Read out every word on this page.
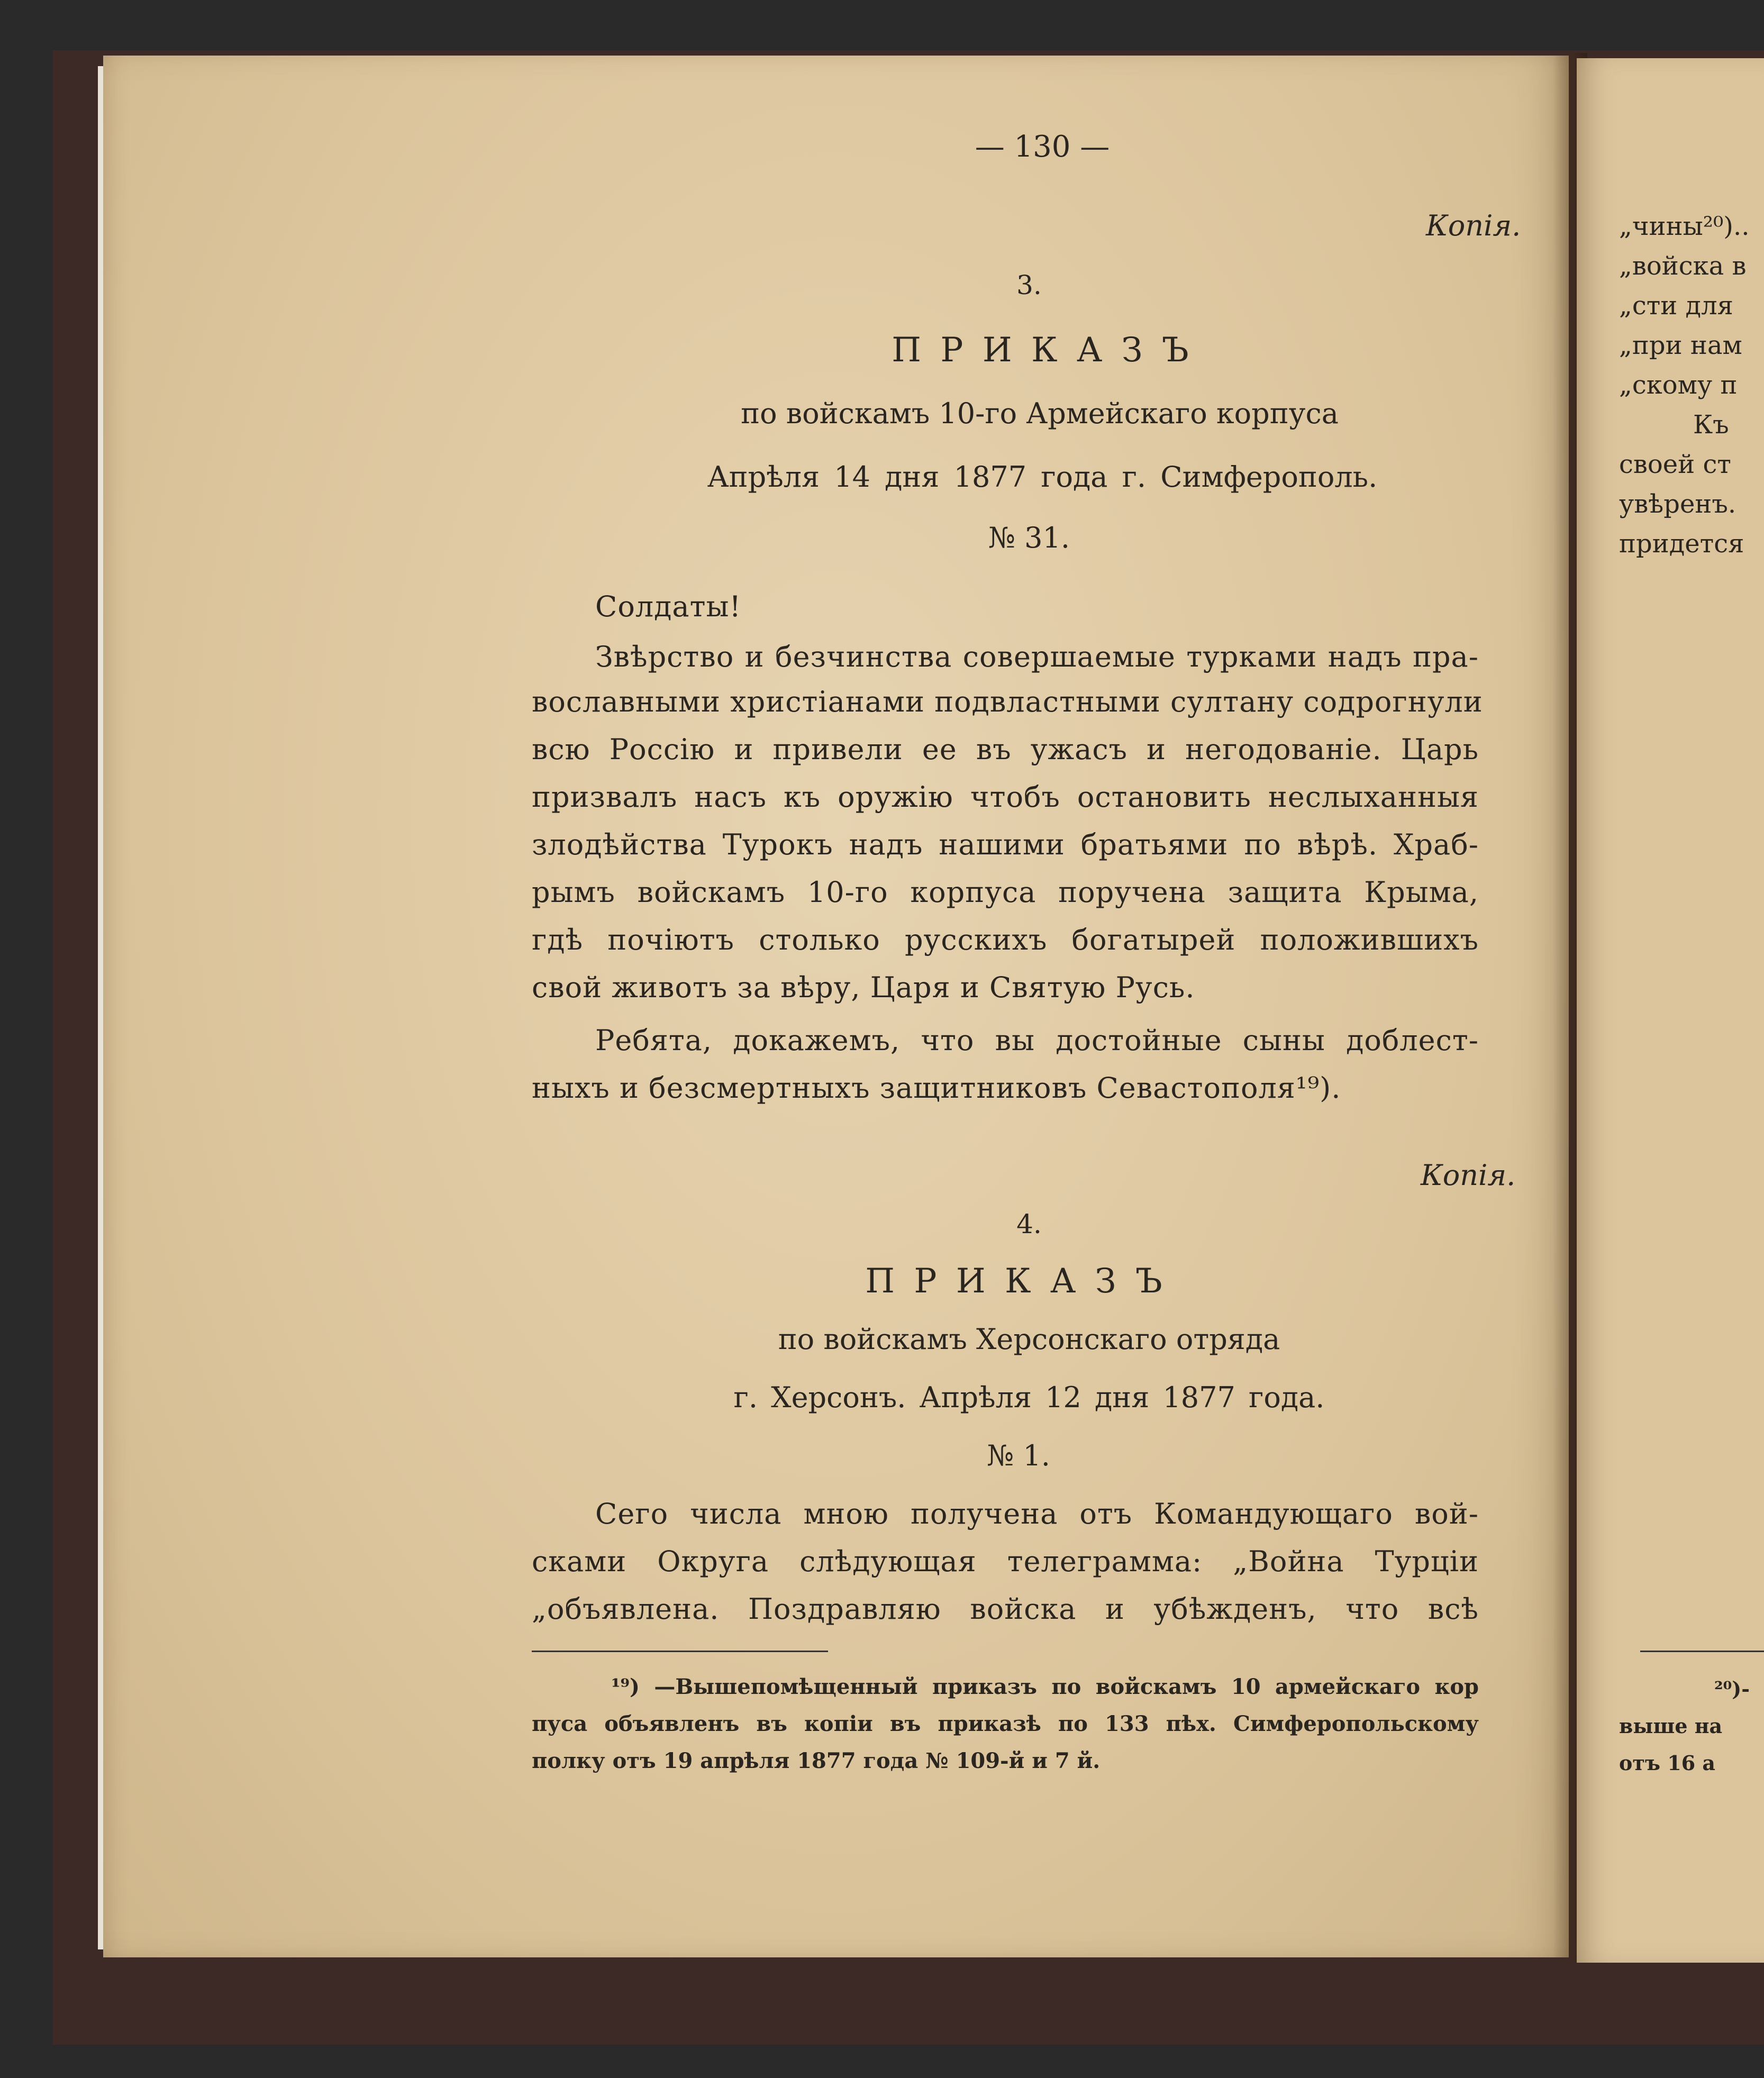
— 130 —
Копія.
3.
П Р И К А З Ъ
по войскамъ 10-го Армейскаго корпуса
Апрѣля 14 дня 1877 года г. Симферополь.
№ 31.
Солдаты!
Звѣрство и безчинства совершаемые турками надъ пра-
вославными христіанами подвластными султану содрогнули
всю Россію и привели ее въ ужасъ и негодованіе. Царь
призвалъ насъ къ оружію чтобъ остановить неслыханныя
злодѣйства Турокъ надъ нашими братьями по вѣрѣ. Храб-
рымъ войскамъ 10-го корпуса поручена защита Крыма,
гдѣ почіютъ столько русскихъ богатырей положившихъ
свой животъ за вѣру, Царя и Святую Русь.
Ребята, докажемъ, что вы достойные сыны доблест-
ныхъ и безсмертныхъ защитниковъ Севастополя¹⁹).
Копія.
4.
П Р И К А З Ъ
по войскамъ Херсонскаго отряда
г. Херсонъ. Апрѣля 12 дня 1877 года.
№ 1.
Сего числа мною получена отъ Командующаго вой-
сками Округа слѣдующая телеграмма: „Война Турціи
„объявлена. Поздравляю войска и убѣжденъ, что всѣ
¹⁹) —Вышепомѣщенный приказъ по войскамъ 10 армейскаго кор
пуса объявленъ въ копіи въ приказѣ по 133 пѣх. Симферопольскому
полку отъ 19 апрѣля 1877 года № 109-й и 7 й.
„чины²⁰)..
„войска в
„сти для
„при нам
„скому п
Къ
своей ст
увѣренъ.
придется
²⁰)-
выше на
отъ 16 а
